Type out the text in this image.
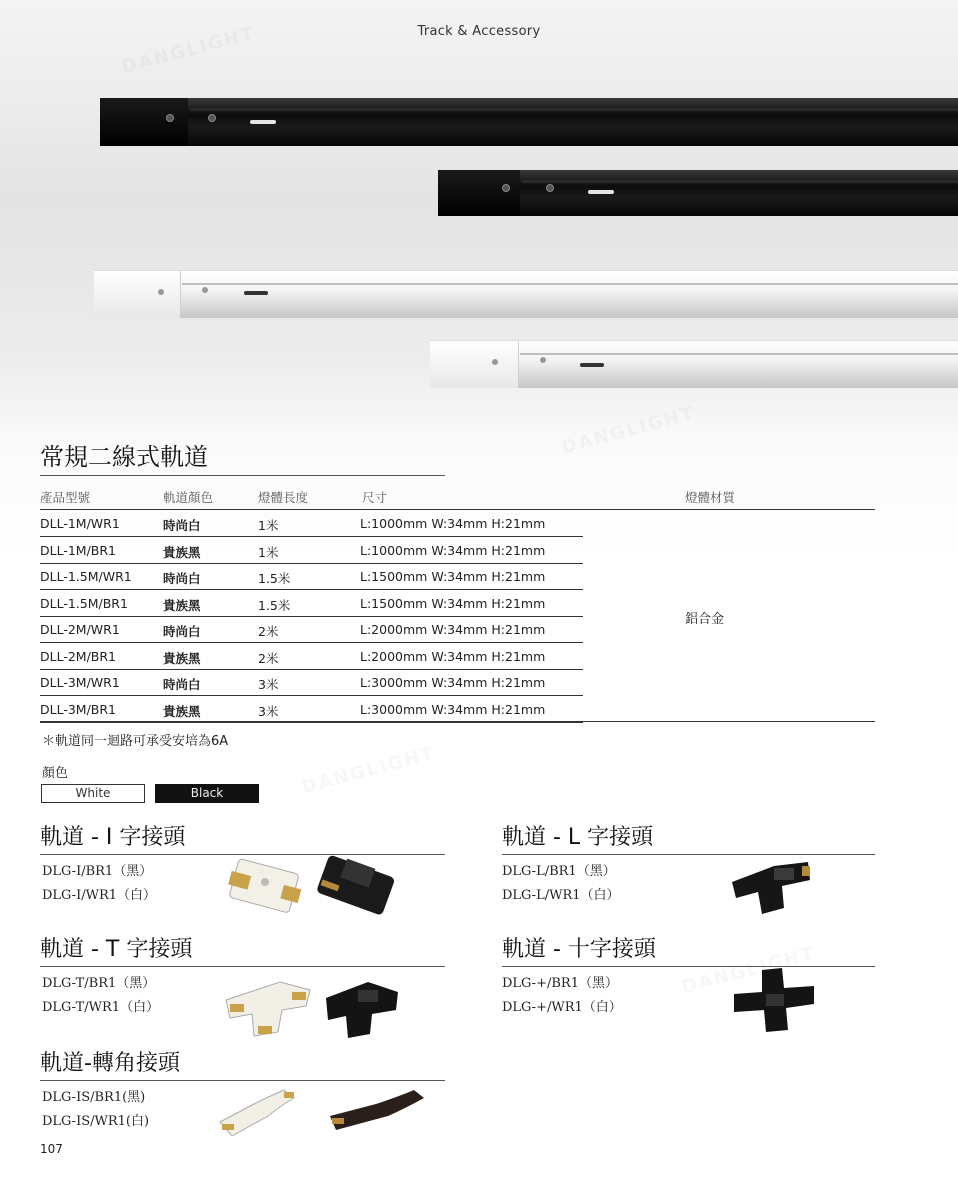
DANGLIGHT
DANGLIGHT
DANGLIGHT
DANGLIGHT
Track & Accessory
常規二線式軌道
產品型號	軌道顏色	燈體長度	尺寸	燈體材質
DLL-1M/WR1	時尚白	1米	L:1000mm W:34mm H:21mm
DLL-1M/BR1	貴族黑	1米	L:1000mm W:34mm H:21mm
DLL-1.5M/WR1	時尚白	1.5米	L:1500mm W:34mm H:21mm
DLL-1.5M/BR1	貴族黑	1.5米	L:1500mm W:34mm H:21mm
DLL-2M/WR1	時尚白	2米	L:2000mm W:34mm H:21mm
DLL-2M/BR1	貴族黑	2米	L:2000mm W:34mm H:21mm
DLL-3M/WR1	時尚白	3米	L:3000mm W:34mm H:21mm
DLL-3M/BR1	貴族黑	3米	L:3000mm W:34mm H:21mm
鋁合金
＊軌道同一迴路可承受安培為6A
顏色
White	Black
軌道 - I 字接頭
DLG-I/BR1（黑）
DLG-I/WR1（白）
軌道 - L 字接頭
DLG-L/BR1（黑）
DLG-L/WR1（白）
軌道 - T 字接頭
DLG-T/BR1（黑）
DLG-T/WR1（白）
軌道 - 十字接頭
DLG-+/BR1（黑）
DLG-+/WR1（白）
軌道-轉角接頭
DLG-IS/BR1(黑)
DLG-IS/WR1(白)
107
